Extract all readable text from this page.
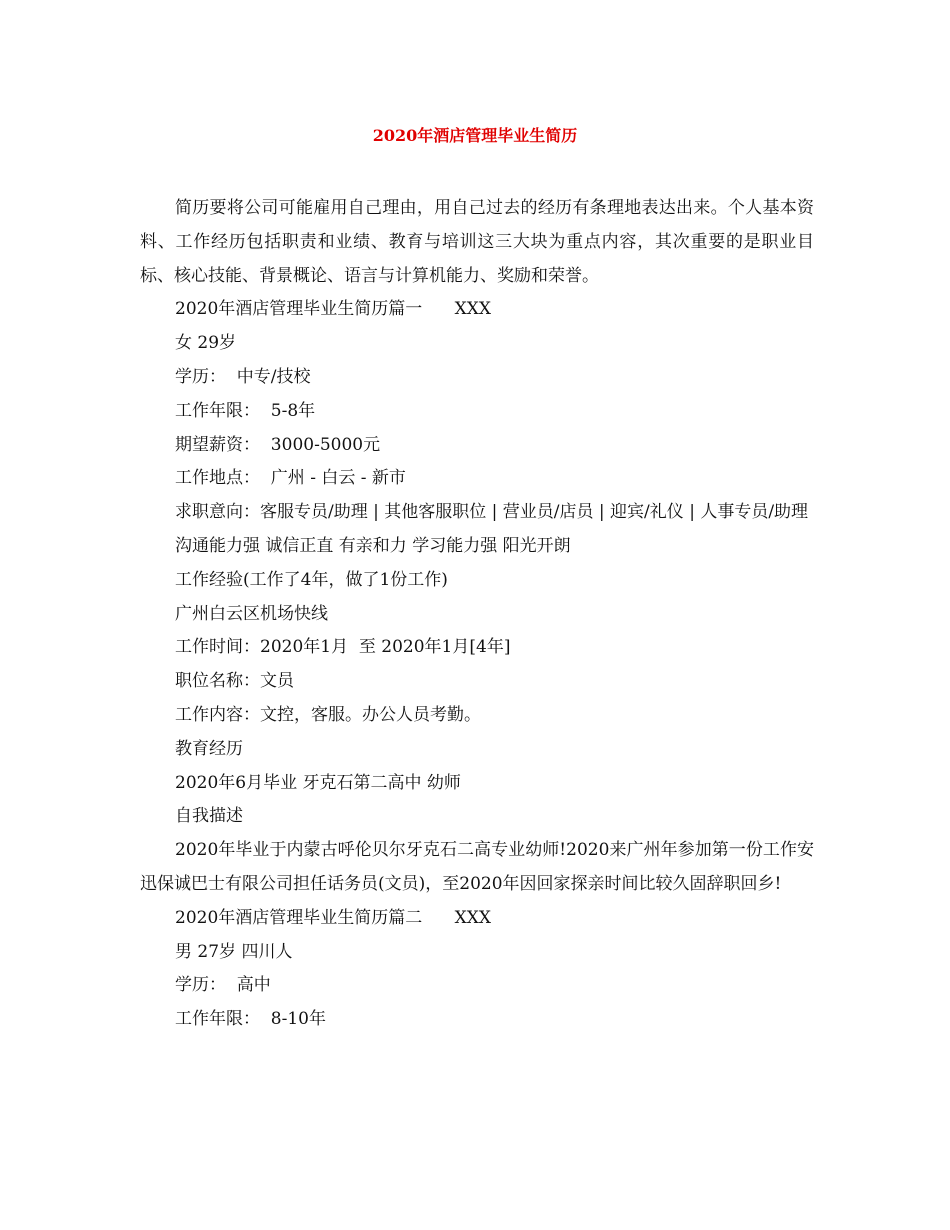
2020年酒店管理毕业生简历

简历要将公司可能雇用自己理由，用自己过去的经历有条理地表达出来。个人基本资料、工作经历包括职责和业绩、教育与培训这三大块为重点内容，其次重要的是职业目标、核心技能、背景概论、语言与计算机能力、奖励和荣誉。

2020年酒店管理毕业生简历篇一      XXX

女 29岁

学历：  中专/技校

工作年限：  5-8年

期望薪资：  3000-5000元

工作地点：  广州 - 白云 - 新市

求职意向：客服专员/助理 | 其他客服职位 | 营业员/店员 | 迎宾/礼仪 | 人事专员/助理

沟通能力强 诚信正直 有亲和力 学习能力强 阳光开朗

工作经验(工作了4年，做了1份工作)

广州白云区机场快线

工作时间：2020年1月  至 2020年1月[4年]

职位名称：文员

工作内容：文控，客服。办公人员考勤。

教育经历

2020年6月毕业 牙克石第二高中 幼师

自我描述

2020年毕业于内蒙古呼伦贝尔牙克石二高专业幼师!2020来广州年参加第一份工作安迅保诚巴士有限公司担任话务员(文员)，至2020年因回家探亲时间比较久固辞职回乡!

2020年酒店管理毕业生简历篇二      XXX

男 27岁 四川人

学历：  高中

工作年限：  8-10年
